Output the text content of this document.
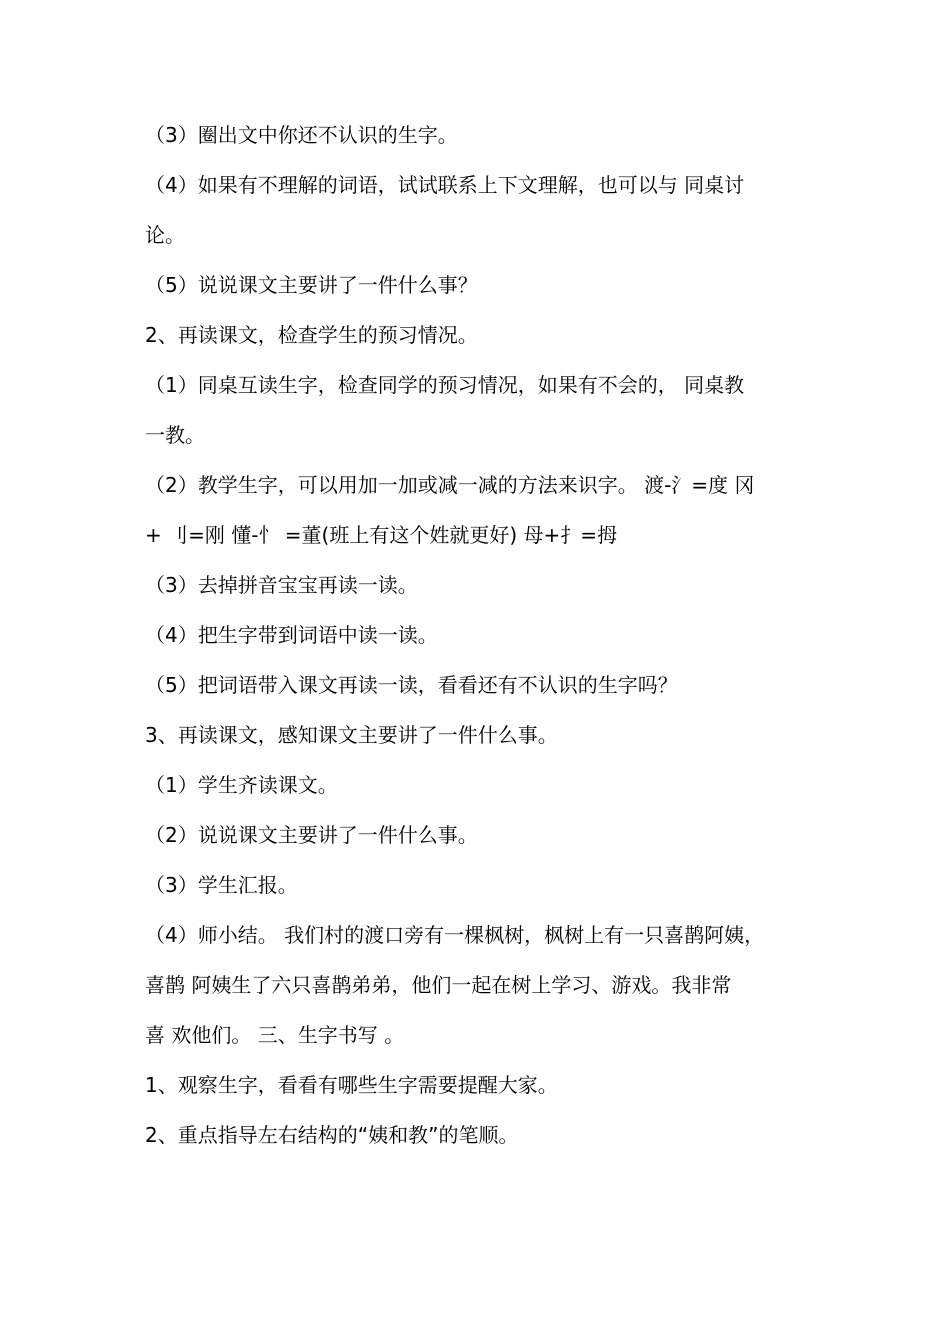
（3）圈出文中你还不认识的生字。
（4）如果有不理解的词语，试试联系上下文理解，也可以与 同桌讨
论。
（5）说说课文主要讲了一件什么事？
2、再读课文，检查学生的预习情况。
（1）同桌互读生字，检查同学的预习情况，如果有不会的， 同桌教
一教。
（2）教学生字，可以用加一加或减一减的方法来识字。 渡-氵=度 冈
+ 刂=刚 懂-忄 =董(班上有这个姓就更好) 母+扌=拇
（3）去掉拼音宝宝再读一读。
（4）把生字带到词语中读一读。
（5）把词语带入课文再读一读，看看还有不认识的生字吗？
3、再读课文，感知课文主要讲了一件什么事。
（1）学生齐读课文。
（2）说说课文主要讲了一件什么事。
（3）学生汇报。
（4）师小结。 我们村的渡口旁有一棵枫树，枫树上有一只喜鹊阿姨，
喜鹊 阿姨生了六只喜鹊弟弟，他们一起在树上学习、游戏。我非常
喜 欢他们。 三、生字书写 。
1、观察生字，看看有哪些生字需要提醒大家。
2、重点指导左右结构的“姨和教”的笔顺。
